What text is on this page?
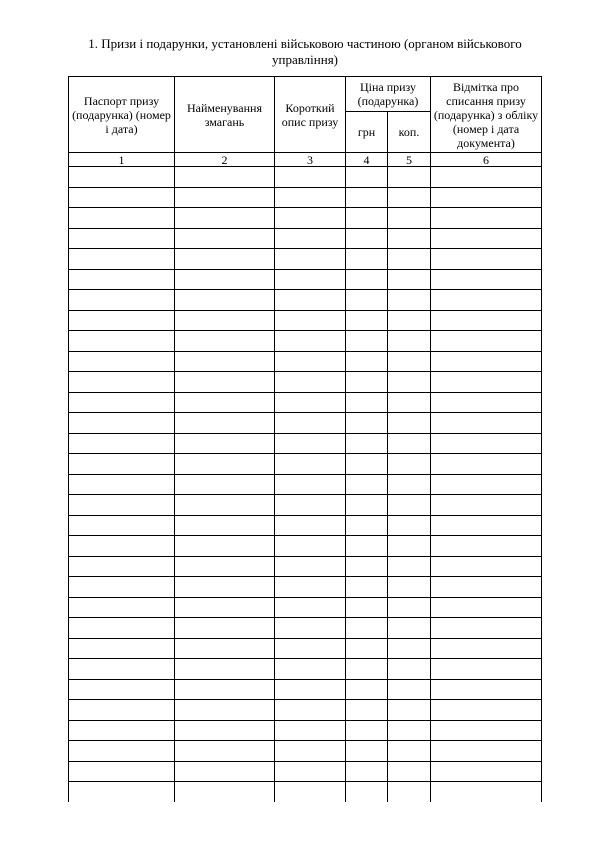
1. Призи і подарунки, установлені військовою частиною (органом військового управління)
Паспорт призу (подарунка) (номер і дата)	Найменування змагань	Короткий опис призу	Ціна призу (подарунка)		Відмітка про списання призу (подарунка) з обліку (номер і дата документа)
			грн	коп.	
1	2	3	4	5	6
